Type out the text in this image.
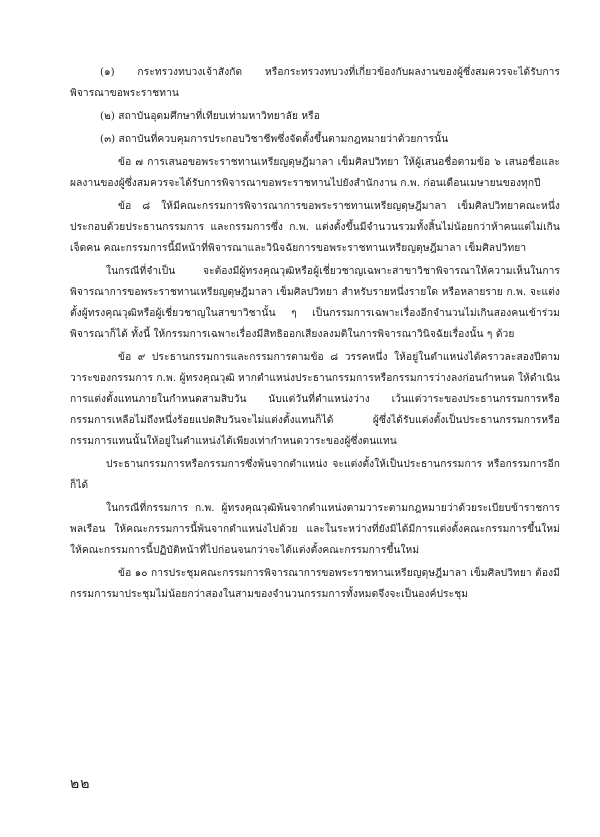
(๑) กระทรวงทบวงเจ้าสังกัด หรือกระทรวงทบวงที่เกี่ยวข้องกับผลงานของผู้ซึ่งสมควรจะได้รับการพิจารณาขอพระราชทาน

(๒) สถาบันอุดมศึกษาที่เทียบเท่ามหาวิทยาลัย หรือ

(๓) สถาบันที่ควบคุมการประกอบวิชาชีพซึ่งจัดตั้งขึ้นตามกฎหมายว่าด้วยการนั้น

ข้อ ๗ การเสนอขอพระราชทานเหรียญดุษฎีมาลา เข็มศิลปวิทยา ให้ผู้เสนอชื่อตามข้อ ๖ เสนอชื่อและผลงานของผู้ซึ่งสมควรจะได้รับการพิจารณาขอพระราชทานไปยังสำนักงาน ก.พ. ก่อนเดือนเมษายนของทุกปี

ข้อ ๘ ให้มีคณะกรรมการพิจารณาการขอพระราชทานเหรียญดุษฎีมาลา เข็มศิลปวิทยาคณะหนึ่ง ประกอบด้วยประธานกรรมการ และกรรมการซึ่ง ก.พ. แต่งตั้งขึ้นมีจำนวนรวมทั้งสิ้นไม่น้อยกว่าห้าคนแต่ไม่เกินเจ็ดคน คณะกรรมการนี้มีหน้าที่พิจารณาและวินิจฉัยการขอพระราชทานเหรียญดุษฎีมาลา เข็มศิลปวิทยา

ในกรณีที่จำเป็น จะต้องมีผู้ทรงคุณวุฒิหรือผู้เชี่ยวชาญเฉพาะสาขาวิชาพิจารณาให้ความเห็นในการพิจารณาการขอพระราชทานเหรียญดุษฎีมาลา เข็มศิลปวิทยา สำหรับรายหนึ่งรายใด หรือหลายราย ก.พ. จะแต่งตั้งผู้ทรงคุณวุฒิหรือผู้เชี่ยวชาญในสาขาวิชานั้น ๆ เป็นกรรมการเฉพาะเรื่องอีกจำนวนไม่เกินสองคนเข้าร่วมพิจารณาก็ได้ ทั้งนี้ ให้กรรมการเฉพาะเรื่องมีสิทธิออกเสียงลงมติในการพิจารณาวินิจฉัยเรื่องนั้น ๆ ด้วย

ข้อ ๙ ประธานกรรมการและกรรมการตามข้อ ๘ วรรคหนึ่ง ให้อยู่ในตำแหน่งได้คราวละสองปีตามวาระของกรรมการ ก.พ. ผู้ทรงคุณวุฒิ หากตำแหน่งประธานกรรมการหรือกรรมการว่างลงก่อนกำหนด ให้ดำเนินการแต่งตั้งแทนภายในกำหนดสามสิบวัน นับแต่วันที่ตำแหน่งว่าง เว้นแต่วาระของประธานกรรมการหรือกรรมการเหลือไม่ถึงหนึ่งร้อยแปดสิบวันจะไม่แต่งตั้งแทนก็ได้ ผู้ซึ่งได้รับแต่งตั้งเป็นประธานกรรมการหรือกรรมการแทนนั้นให้อยู่ในตำแหน่งได้เพียงเท่ากำหนดวาระของผู้ซึ่งตนแทน

ประธานกรรมการหรือกรรมการซึ่งพ้นจากตำแหน่ง จะแต่งตั้งให้เป็นประธานกรรมการ หรือกรรมการอีกก็ได้

ในกรณีที่กรรมการ ก.พ. ผู้ทรงคุณวุฒิพ้นจากตำแหน่งตามวาระตามกฎหมายว่าด้วยระเบียบข้าราชการพลเรือน ให้คณะกรรมการนี้พ้นจากตำแหน่งไปด้วย และในระหว่างที่ยังมิได้มีการแต่งตั้งคณะกรรมการขึ้นใหม่ ให้คณะกรรมการนี้ปฏิบัติหน้าที่ไปก่อนจนกว่าจะได้แต่งตั้งคณะกรรมการขึ้นใหม่

ข้อ ๑๐ การประชุมคณะกรรมการพิจารณาการขอพระราชทานเหรียญดุษฎีมาลา เข็มศิลปวิทยา ต้องมีกรรมการมาประชุมไม่น้อยกว่าสองในสามของจำนวนกรรมการทั้งหมดจึงจะเป็นองค์ประชุม

๒๒
